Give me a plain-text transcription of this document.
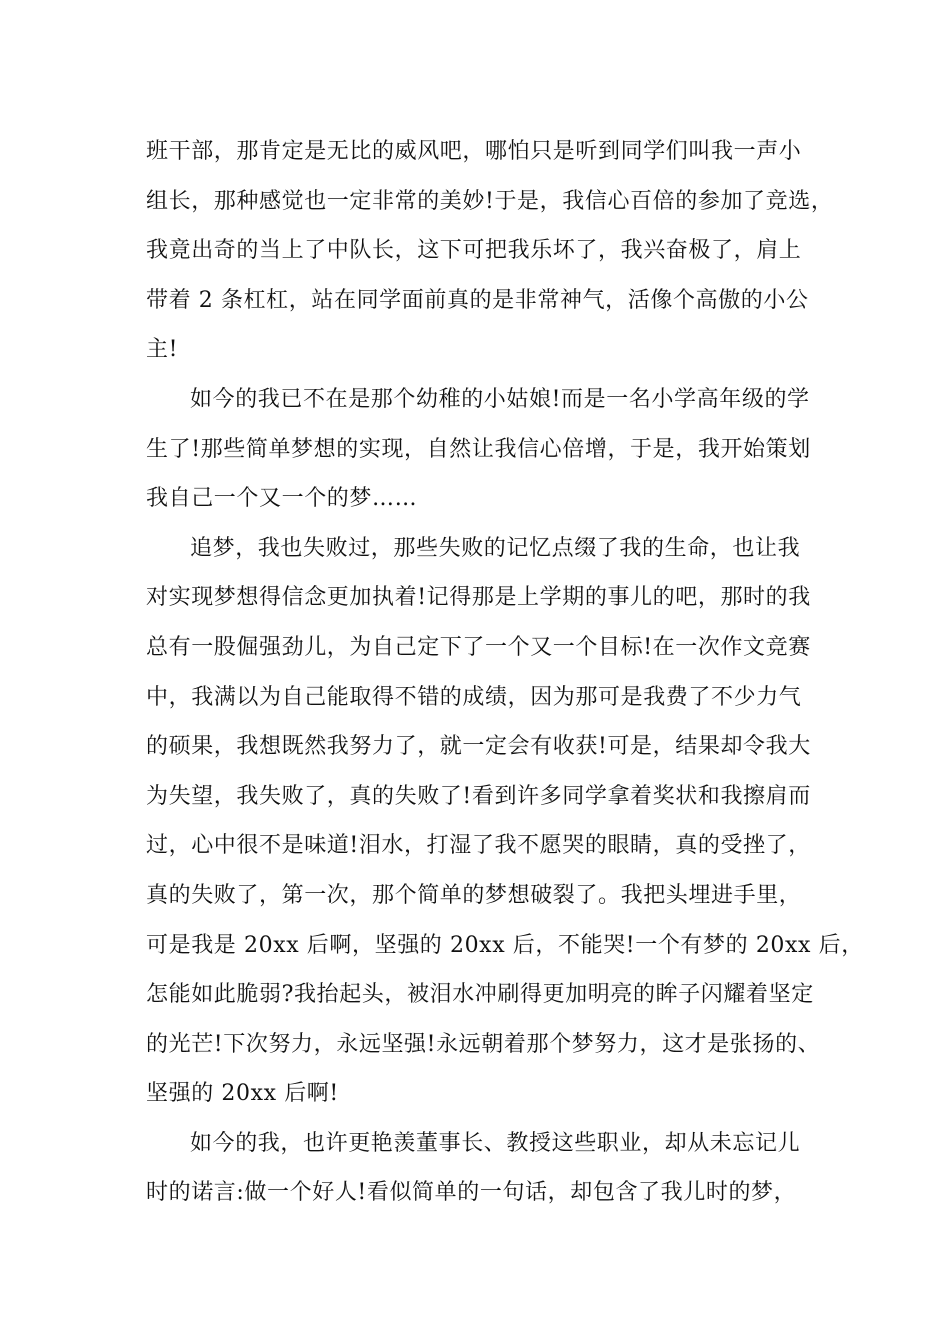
班干部，那肯定是无比的威风吧，哪怕只是听到同学们叫我一声小
组长，那种感觉也一定非常的美妙!于是，我信心百倍的参加了竞选，
我竟出奇的当上了中队长，这下可把我乐坏了，我兴奋极了，肩上
带着 2 条杠杠，站在同学面前真的是非常神气，活像个高傲的小公
主!
如今的我已不在是那个幼稚的小姑娘!而是一名小学高年级的学
生了!那些简单梦想的实现，自然让我信心倍增，于是，我开始策划
我自己一个又一个的梦……
追梦，我也失败过，那些失败的记忆点缀了我的生命，也让我
对实现梦想得信念更加执着!记得那是上学期的事儿的吧，那时的我
总有一股倔强劲儿，为自己定下了一个又一个目标!在一次作文竞赛
中，我满以为自己能取得不错的成绩，因为那可是我费了不少力气
的硕果，我想既然我努力了，就一定会有收获!可是，结果却令我大
为失望，我失败了，真的失败了!看到许多同学拿着奖状和我擦肩而
过，心中很不是味道!泪水，打湿了我不愿哭的眼睛，真的受挫了，
真的失败了，第一次，那个简单的梦想破裂了。我把头埋进手里，
可是我是 20xx 后啊，坚强的 20xx 后，不能哭!一个有梦的 20xx 后，
怎能如此脆弱?我抬起头，被泪水冲刷得更加明亮的眸子闪耀着坚定
的光芒!下次努力，永远坚强!永远朝着那个梦努力，这才是张扬的、
坚强的 20xx 后啊!
如今的我，也许更艳羡董事长、教授这些职业，却从未忘记儿
时的诺言:做一个好人!看似简单的一句话，却包含了我儿时的梦，
